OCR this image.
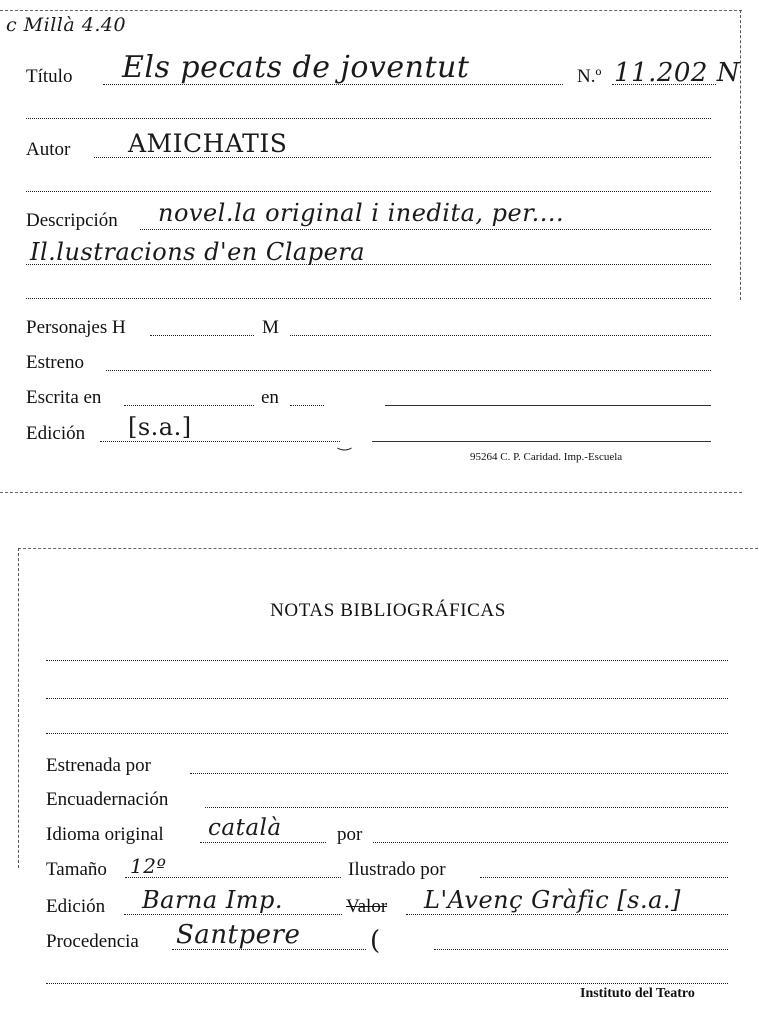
c Millà 4.40
Título Els pecats de joventut	N.º 11.202 N
Autor AMICHATIS
Descripción novel.la original i inedita, per....
Il.lustracions d'en Clapera
Personajes H	M
Estreno
Escrita en	en
Edición [s.a.]
‿
95264 C. P. Caridad. Imp.-Escuela
NOTAS BIBLIOGRÁFICAS
Estrenada por
Encuadernación
Idioma original català	por
Tamaño 12º	Ilustrado por
Edición Barna Imp.	Valor L'Avenç Gràfic [s.a.]
Procedencia Santpere	(
Instituto del Teatro
